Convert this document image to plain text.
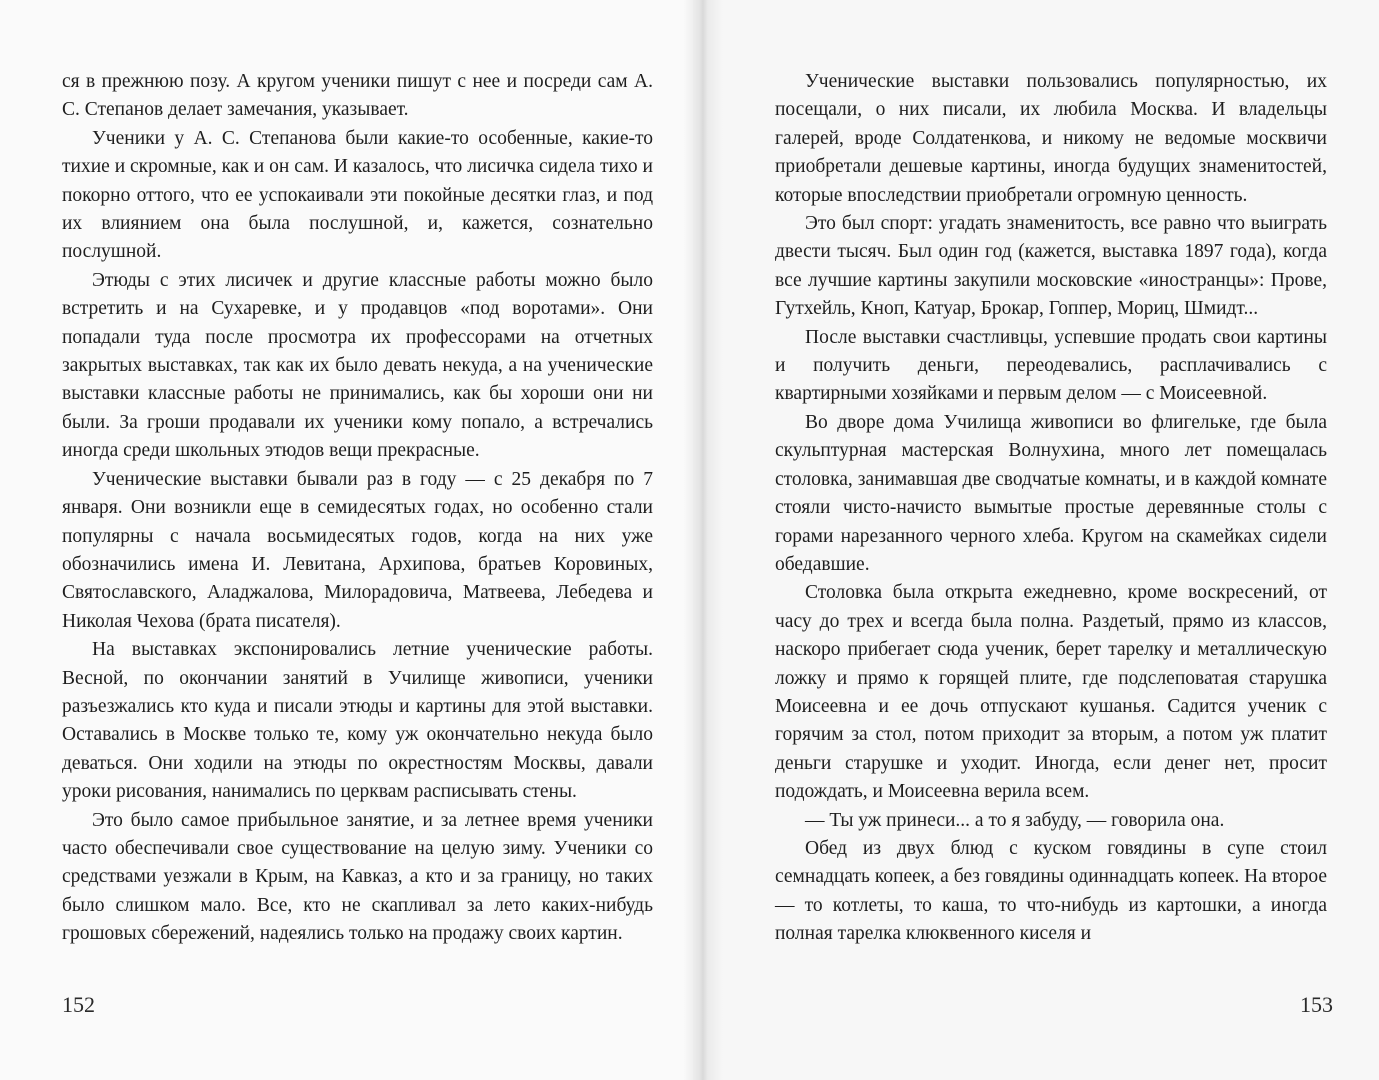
ся в прежнюю позу. А кругом ученики пишут с нее и посреди сам А. С. Степанов делает замечания, указывает.

Ученики у А. С. Степанова были какие-то особенные, какие-то тихие и скромные, как и он сам. И казалось, что лисичка сидела тихо и покорно оттого, что ее успокаивали эти покойные десятки глаз, и под их влиянием она была послушной, и, кажется, сознательно послушной.

Этюды с этих лисичек и другие классные работы можно было встретить и на Сухаревке, и у продавцов «под воротами». Они попадали туда после просмотра их профессорами на отчетных закрытых выставках, так как их было девать некуда, а на ученические выставки классные работы не принимались, как бы хороши они ни были. За гроши продавали их ученики кому попало, а встречались иногда среди школьных этюдов вещи прекрасные.

Ученические выставки бывали раз в году — с 25 декабря по 7 января. Они возникли еще в семидесятых годах, но особенно стали популярны с начала восьмидесятых годов, когда на них уже обозначились имена И. Левитана, Архипова, братьев Коровиных, Святославского, Аладжалова, Милорадовича, Матвеева, Лебедева и Николая Чехова (брата писателя).

На выставках экспонировались летние ученические работы. Весной, по окончании занятий в Училище живописи, ученики разъезжались кто куда и писали этюды и картины для этой выставки. Оставались в Москве только те, кому уж окончательно некуда было деваться. Они ходили на этюды по окрестностям Москвы, давали уроки рисования, нанимались по церквам расписывать стены.

Это было самое прибыльное занятие, и за летнее время ученики часто обеспечивали свое существование на целую зиму. Ученики со средствами уезжали в Крым, на Кавказ, а кто и за границу, но таких было слишком мало. Все, кто не скапливал за лето каких-нибудь грошовых сбережений, надеялись только на продажу своих картин.

152

Ученические выставки пользовались популярностью, их посещали, о них писали, их любила Москва. И владельцы галерей, вроде Солдатенкова, и никому не ведомые москвичи приобретали дешевые картины, иногда будущих знаменитостей, которые впоследствии приобретали огромную ценность.

Это был спорт: угадать знаменитость, все равно что выиграть двести тысяч. Был один год (кажется, выставка 1897 года), когда все лучшие картины закупили московские «иностранцы»: Прове, Гутхейль, Кноп, Катуар, Брокар, Гоппер, Мориц, Шмидт...

После выставки счастливцы, успевшие продать свои картины и получить деньги, переодевались, расплачивались с квартирными хозяйками и первым делом — с Моисеевной.

Во дворе дома Училища живописи во флигельке, где была скульптурная мастерская Волнухина, много лет помещалась столовка, занимавшая две сводчатые комнаты, и в каждой комнате стояли чисто-начисто вымытые простые деревянные столы с горами нарезанного черного хлеба. Кругом на скамейках сидели обедавшие.

Столовка была открыта ежедневно, кроме воскресений, от часу до трех и всегда была полна. Раздетый, прямо из классов, наскоро прибегает сюда ученик, берет тарелку и металлическую ложку и прямо к горящей плите, где подслеповатая старушка Моисеевна и ее дочь отпускают кушанья. Садится ученик с горячим за стол, потом приходит за вторым, а потом уж платит деньги старушке и уходит. Иногда, если денег нет, просит подождать, и Моисеевна верила всем.

— Ты уж принеси... а то я забуду, — говорила она.

Обед из двух блюд с куском говядины в супе стоил семнадцать копеек, а без говядины одиннадцать копеек. На второе — то котлеты, то каша, то что-нибудь из картошки, а иногда полная тарелка клюквенного киселя и

153
